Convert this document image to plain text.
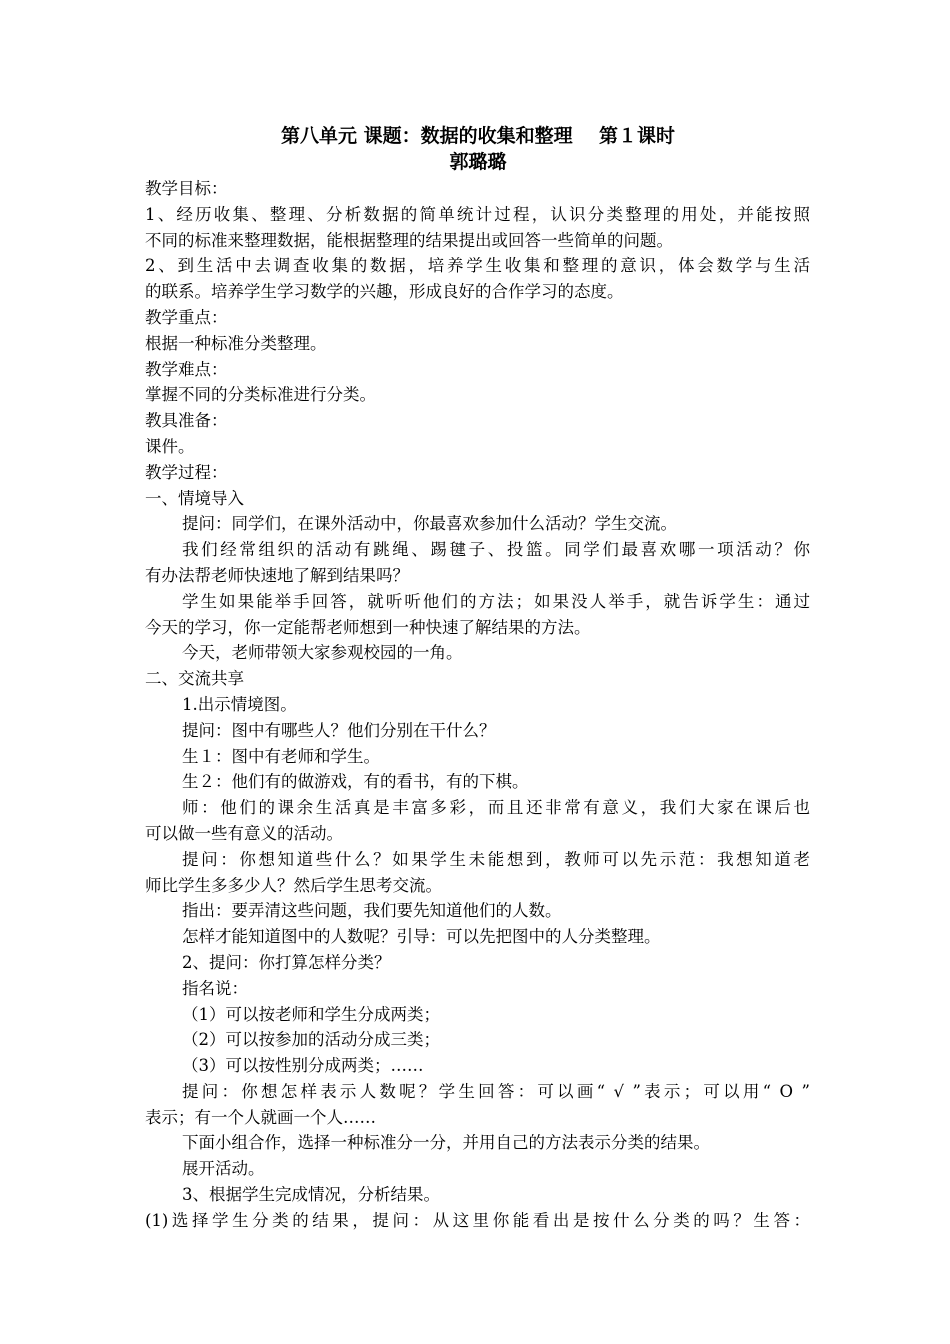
第八单元 课题：数据的收集和整理    第１课时
郭璐璐
教学目标：
1、经历收集、整理、分析数据的简单统计过程，认识分类整理的用处，并能按照
不同的标准来整理数据，能根据整理的结果提出或回答一些简单的问题。
2、到生活中去调查收集的数据，培养学生收集和整理的意识，体会数学与生活
的联系。培养学生学习数学的兴趣，形成良好的合作学习的态度。
教学重点：
根据一种标准分类整理。
教学难点：
掌握不同的分类标准进行分类。
教具准备：
课件。
教学过程：
一、情境导入
提问：同学们，在课外活动中，你最喜欢参加什么活动？学生交流。
我们经常组织的活动有跳绳、踢毽子、投篮。同学们最喜欢哪一项活动？你
有办法帮老师快速地了解到结果吗？
学生如果能举手回答，就听听他们的方法；如果没人举手，就告诉学生：通过
今天的学习，你一定能帮老师想到一种快速了解结果的方法。
今天，老师带领大家参观校园的一角。
二、交流共享
1.出示情境图。
提问：图中有哪些人？他们分别在干什么？
生１：图中有老师和学生。
生２：他们有的做游戏，有的看书，有的下棋。
师：他们的课余生活真是丰富多彩，而且还非常有意义，我们大家在课后也
可以做一些有意义的活动。
提问：你想知道些什么？如果学生未能想到，教师可以先示范：我想知道老
师比学生多多少人？然后学生思考交流。
指出：要弄清这些问题，我们要先知道他们的人数。
怎样才能知道图中的人数呢？引导：可以先把图中的人分类整理。
2、提问：你打算怎样分类？
指名说：
（1）可以按老师和学生分成两类；
（2）可以按参加的活动分成三类；
（3）可以按性别分成两类；……
提问：你想怎样表示人数呢？学生回答：可以画“ √ ”表示；可以用“ O ”
表示；有一个人就画一个人……
下面小组合作，选择一种标准分一分，并用自己的方法表示分类的结果。
展开活动。
3、根据学生完成情况，分析结果。
(1)选择学生分类的结果，提问：从这里你能看出是按什么分类的吗？生答：
